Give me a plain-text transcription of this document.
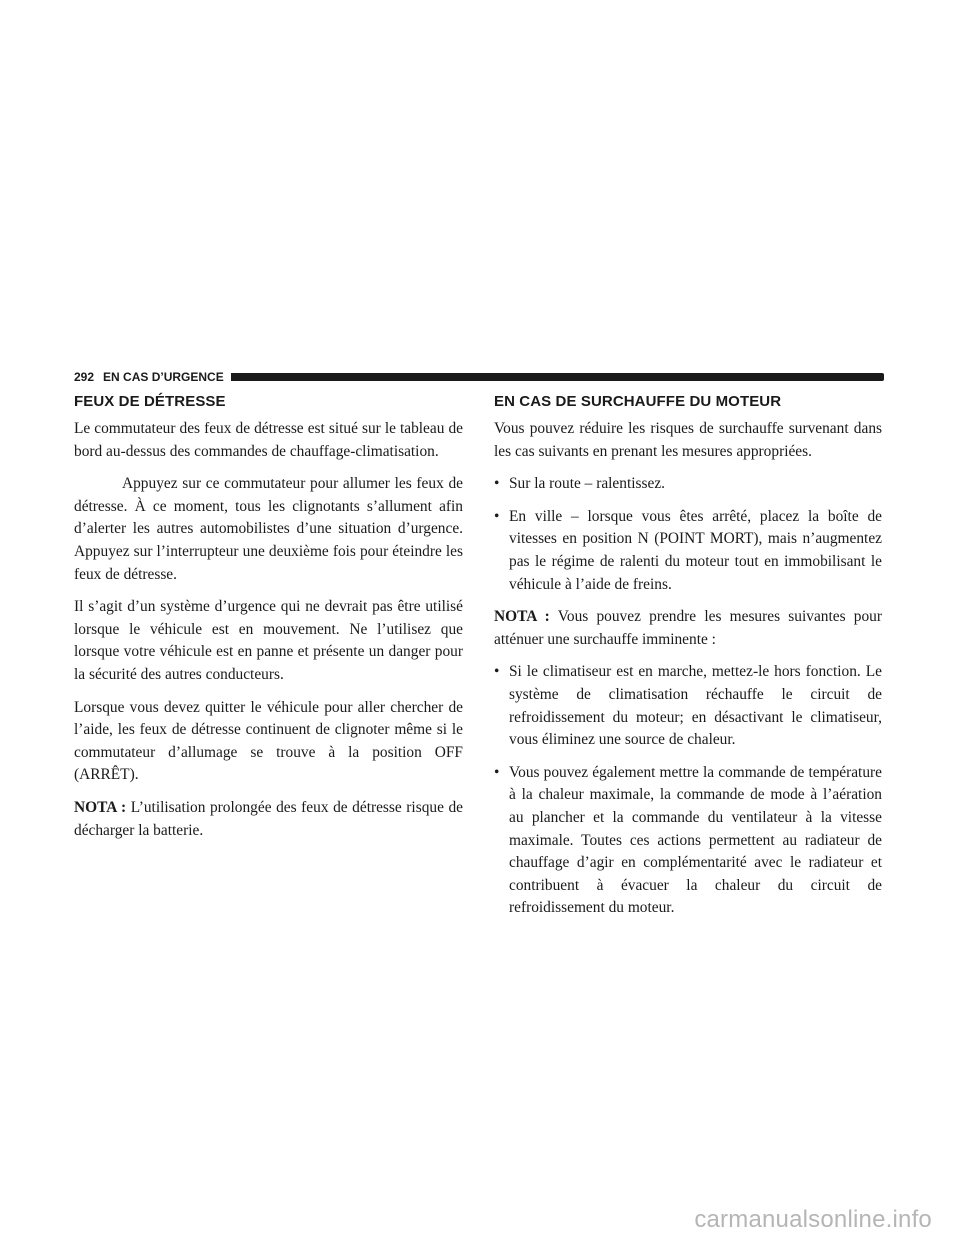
292 EN CAS D’URGENCE
FEUX DE DÉTRESSE

Le commutateur des feux de détresse est situé sur le tableau de bord au-dessus des commandes de chauffage-climatisation.

Appuyez sur ce commutateur pour allumer les feux de détresse. À ce moment, tous les clignotants s’allument afin d’alerter les autres automobilistes d’une situation d’urgence. Appuyez sur l’interrupteur une deuxième fois pour éteindre les feux de détresse.

Il s’agit d’un système d’urgence qui ne devrait pas être utilisé lorsque le véhicule est en mouvement. Ne l’utilisez que lorsque votre véhicule est en panne et présente un danger pour la sécurité des autres conducteurs.

Lorsque vous devez quitter le véhicule pour aller chercher de l’aide, les feux de détresse continuent de clignoter même si le commutateur d’allumage se trouve à la position OFF (ARRÊT).

NOTA : L’utilisation prolongée des feux de détresse risque de décharger la batterie.

EN CAS DE SURCHAUFFE DU MOTEUR

Vous pouvez réduire les risques de surchauffe survenant dans les cas suivants en prenant les mesures appropriées.

• Sur la route – ralentissez.
• En ville – lorsque vous êtes arrêté, placez la boîte de vitesses en position N (POINT MORT), mais n’augmentez pas le régime de ralenti du moteur tout en immobilisant le véhicule à l’aide de freins.

NOTA : Vous pouvez prendre les mesures suivantes pour atténuer une surchauffe imminente :

• Si le climatiseur est en marche, mettez-le hors fonction. Le système de climatisation réchauffe le circuit de refroidissement du moteur; en désactivant le climatiseur, vous éliminez une source de chaleur.
• Vous pouvez également mettre la commande de température à la chaleur maximale, la commande de mode à l’aération au plancher et la commande du ventilateur à la vitesse maximale. Toutes ces actions permettent au radiateur de chauffage d’agir en complémentarité avec le radiateur et contribuent à évacuer la chaleur du circuit de refroidissement du moteur.
carmanualsonline.info
